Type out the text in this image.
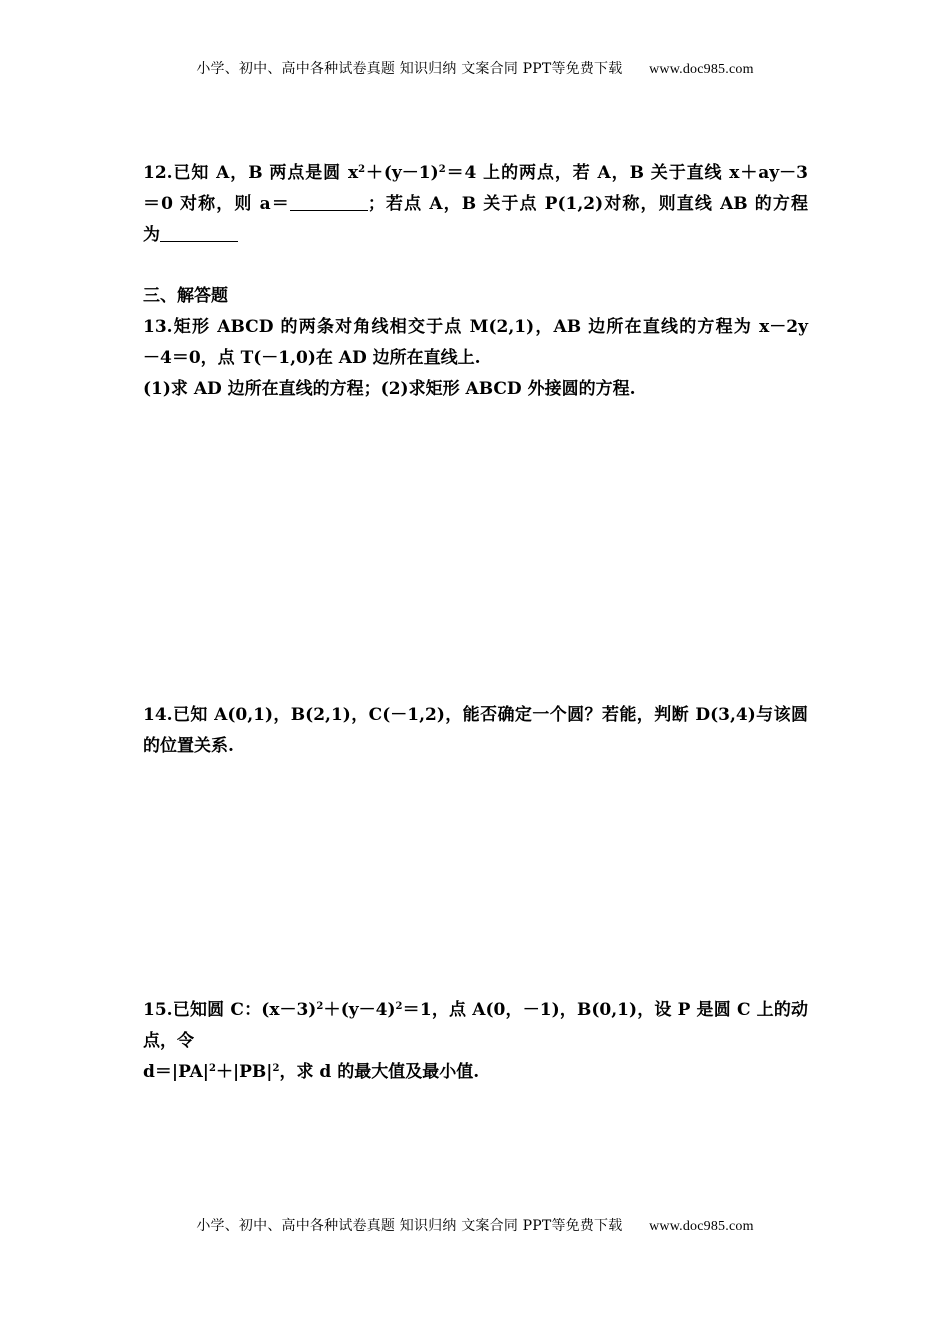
小学、初中、高中各种试卷真题 知识归纳 文案合同 PPT等免费下载 www.doc985.com
12.已知 A，B 两点是圆 $x^2+(y-1)^2=4$ 上的两点，若 A，B 关于直线 x＋ay－3
＝0 对称，则 a＝	；若点 A，B 关于点 P(1,2)对称，则直线 AB 的方程
为
三、解答题
13.矩形 ABCD 的两条对角线相交于点 M(2,1)，AB 边所在直线的方程为 x－2y
－4＝0，点 T(－1,0)在 AD 边所在直线上.
(1)求 AD 边所在直线的方程；(2)求矩形 ABCD 外接圆的方程.
14.已知 A(0,1)，B(2,1)，C(－1,2)，能否确定一个圆？若能，判断 D(3,4)与该圆
的位置关系.
15.已知圆 C：$(x-3)^2+(y-4)^2=1$，点 A(0，－1)，B(0,1)，设 P 是圆 C 上的动
点，令
$d=|PA|^2+|PB|^2$，求 d 的最大值及最小值.
小学、初中、高中各种试卷真题 知识归纳 文案合同 PPT等免费下载 www.doc985.com
